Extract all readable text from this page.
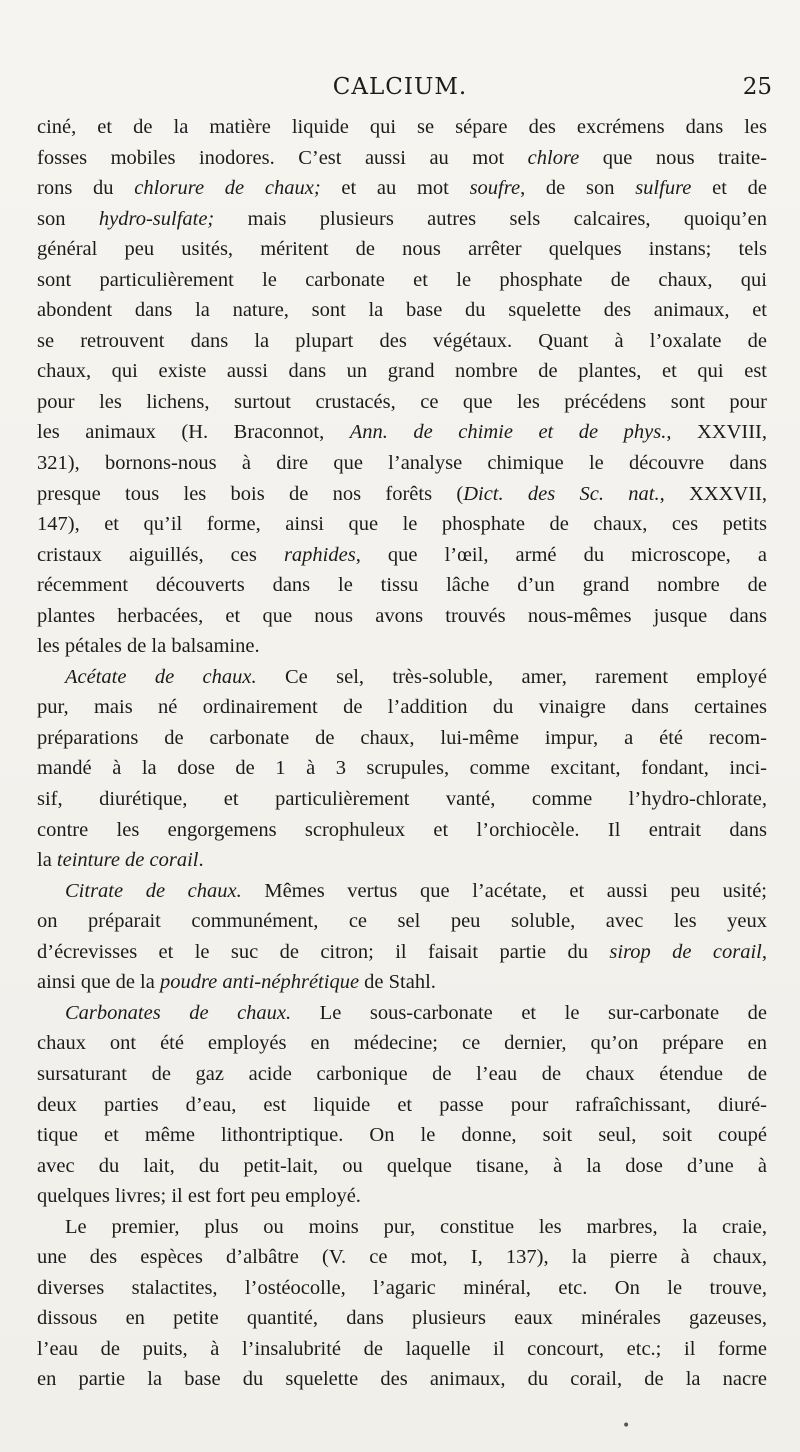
CALCIUM.	25
ciné, et de la matière liquide qui se sépare des excrémens dans les
fosses mobiles inodores. C’est aussi au mot chlore que nous traite-
rons du chlorure de chaux; et au mot soufre, de son sulfure et de
son hydro-sulfate; mais plusieurs autres sels calcaires, quoiqu’en
général peu usités, méritent de nous arrêter quelques instans; tels
sont particulièrement le carbonate et le phosphate de chaux, qui
abondent dans la nature, sont la base du squelette des animaux, et
se retrouvent dans la plupart des végétaux. Quant à l’oxalate de
chaux, qui existe aussi dans un grand nombre de plantes, et qui est
pour les lichens, surtout crustacés, ce que les précédens sont pour
les animaux (H. Braconnot, Ann. de chimie et de phys., XXVIII,
321), bornons-nous à dire que l’analyse chimique le découvre dans
presque tous les bois de nos forêts (Dict. des Sc. nat., XXXVII,
147), et qu’il forme, ainsi que le phosphate de chaux, ces petits
cristaux aiguillés, ces raphides, que l’œil, armé du microscope, a
récemment découverts dans le tissu lâche d’un grand nombre de
plantes herbacées, et que nous avons trouvés nous-mêmes jusque dans
les pétales de la balsamine.
Acétate de chaux. Ce sel, très-soluble, amer, rarement employé
pur, mais né ordinairement de l’addition du vinaigre dans certaines
préparations de carbonate de chaux, lui-même impur, a été recom-
mandé à la dose de 1 à 3 scrupules, comme excitant, fondant, inci-
sif, diurétique, et particulièrement vanté, comme l’hydro-chlorate,
contre les engorgemens scrophuleux et l’orchiocèle. Il entrait dans
la teinture de corail.
Citrate de chaux. Mêmes vertus que l’acétate, et aussi peu usité;
on préparait communément, ce sel peu soluble, avec les yeux
d’écrevisses et le suc de citron; il faisait partie du sirop de corail,
ainsi que de la poudre anti-néphrétique de Stahl.
Carbonates de chaux. Le sous-carbonate et le sur-carbonate de
chaux ont été employés en médecine; ce dernier, qu’on prépare en
sursaturant de gaz acide carbonique de l’eau de chaux étendue de
deux parties d’eau, est liquide et passe pour rafraîchissant, diuré-
tique et même lithontriptique. On le donne, soit seul, soit coupé
avec du lait, du petit-lait, ou quelque tisane, à la dose d’une à
quelques livres; il est fort peu employé.
Le premier, plus ou moins pur, constitue les marbres, la craie,
une des espèces d’albâtre (V. ce mot, I, 137), la pierre à chaux,
diverses stalactites, l’ostéocolle, l’agaric minéral, etc. On le trouve,
dissous en petite quantité, dans plusieurs eaux minérales gazeuses,
l’eau de puits, à l’insalubrité de laquelle il concourt, etc.; il forme
en partie la base du squelette des animaux, du corail, de la nacre
•
